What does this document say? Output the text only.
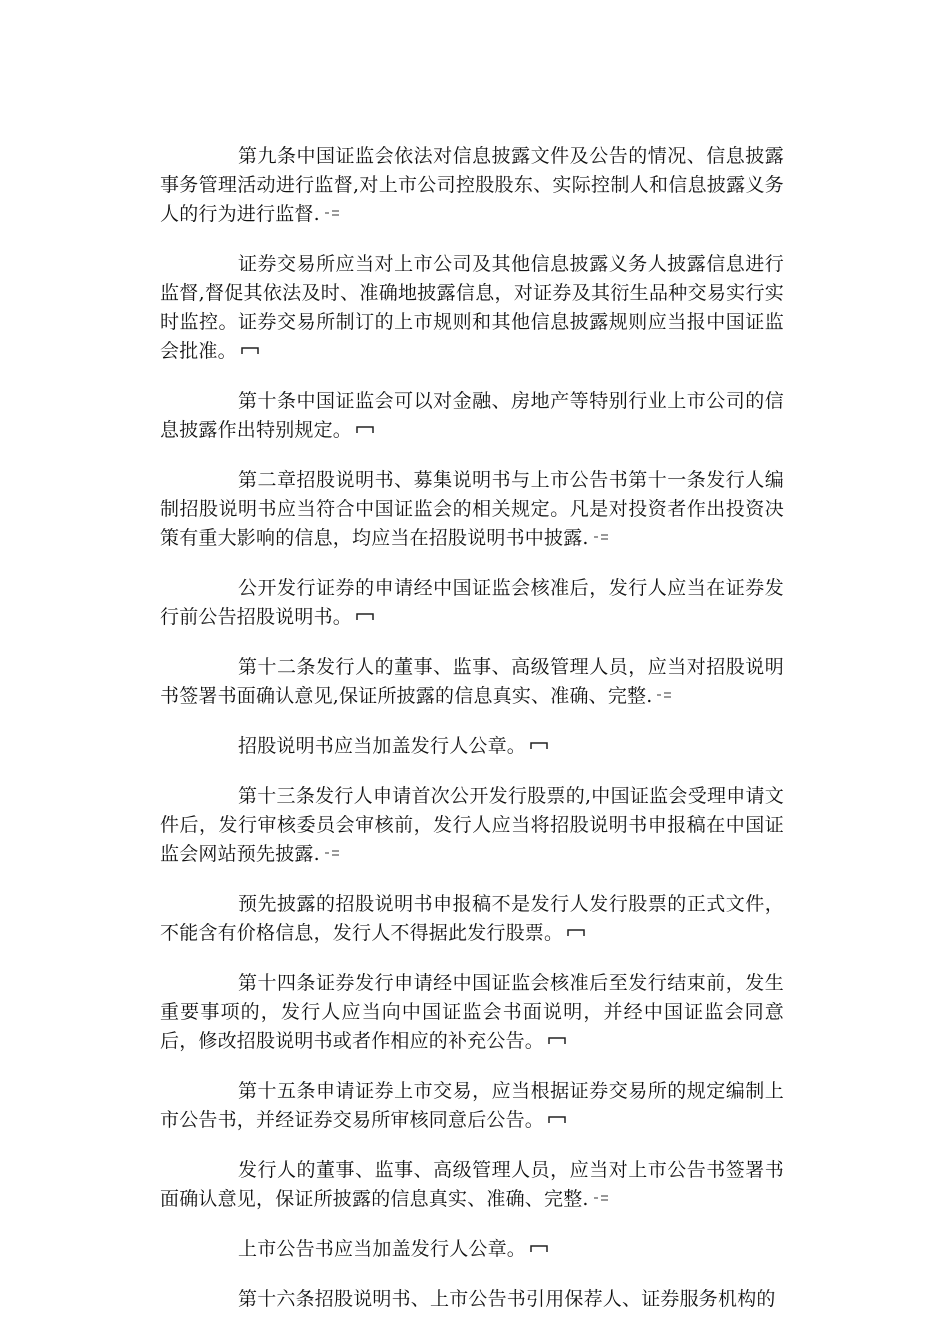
第九条中国证监会依法对信息披露文件及公告的情况、信息披露事务管理活动进行监督,对上市公司控股股东、实际控制人和信息披露义务人的行为进行监督.

证券交易所应当对上市公司及其他信息披露义务人披露信息进行监督,督促其依法及时、准确地披露信息，对证券及其衍生品种交易实行实时监控。证券交易所制订的上市规则和其他信息披露规则应当报中国证监会批准。

第十条中国证监会可以对金融、房地产等特别行业上市公司的信息披露作出特别规定。

第二章招股说明书、募集说明书与上市公告书第十一条发行人编制招股说明书应当符合中国证监会的相关规定。凡是对投资者作出投资决策有重大影响的信息，均应当在招股说明书中披露.

公开发行证券的申请经中国证监会核准后，发行人应当在证券发行前公告招股说明书。

第十二条发行人的董事、监事、高级管理人员，应当对招股说明书签署书面确认意见,保证所披露的信息真实、准确、完整.

招股说明书应当加盖发行人公章。

第十三条发行人申请首次公开发行股票的,中国证监会受理申请文件后，发行审核委员会审核前，发行人应当将招股说明书申报稿在中国证监会网站预先披露.

预先披露的招股说明书申报稿不是发行人发行股票的正式文件，不能含有价格信息，发行人不得据此发行股票。

第十四条证券发行申请经中国证监会核准后至发行结束前，发生重要事项的，发行人应当向中国证监会书面说明，并经中国证监会同意后，修改招股说明书或者作相应的补充公告。

第十五条申请证券上市交易，应当根据证券交易所的规定编制上市公告书，并经证券交易所审核同意后公告。

发行人的董事、监事、高级管理人员，应当对上市公告书签署书面确认意见，保证所披露的信息真实、准确、完整.

上市公告书应当加盖发行人公章。

第十六条招股说明书、上市公告书引用保荐人、证券服务机构的
